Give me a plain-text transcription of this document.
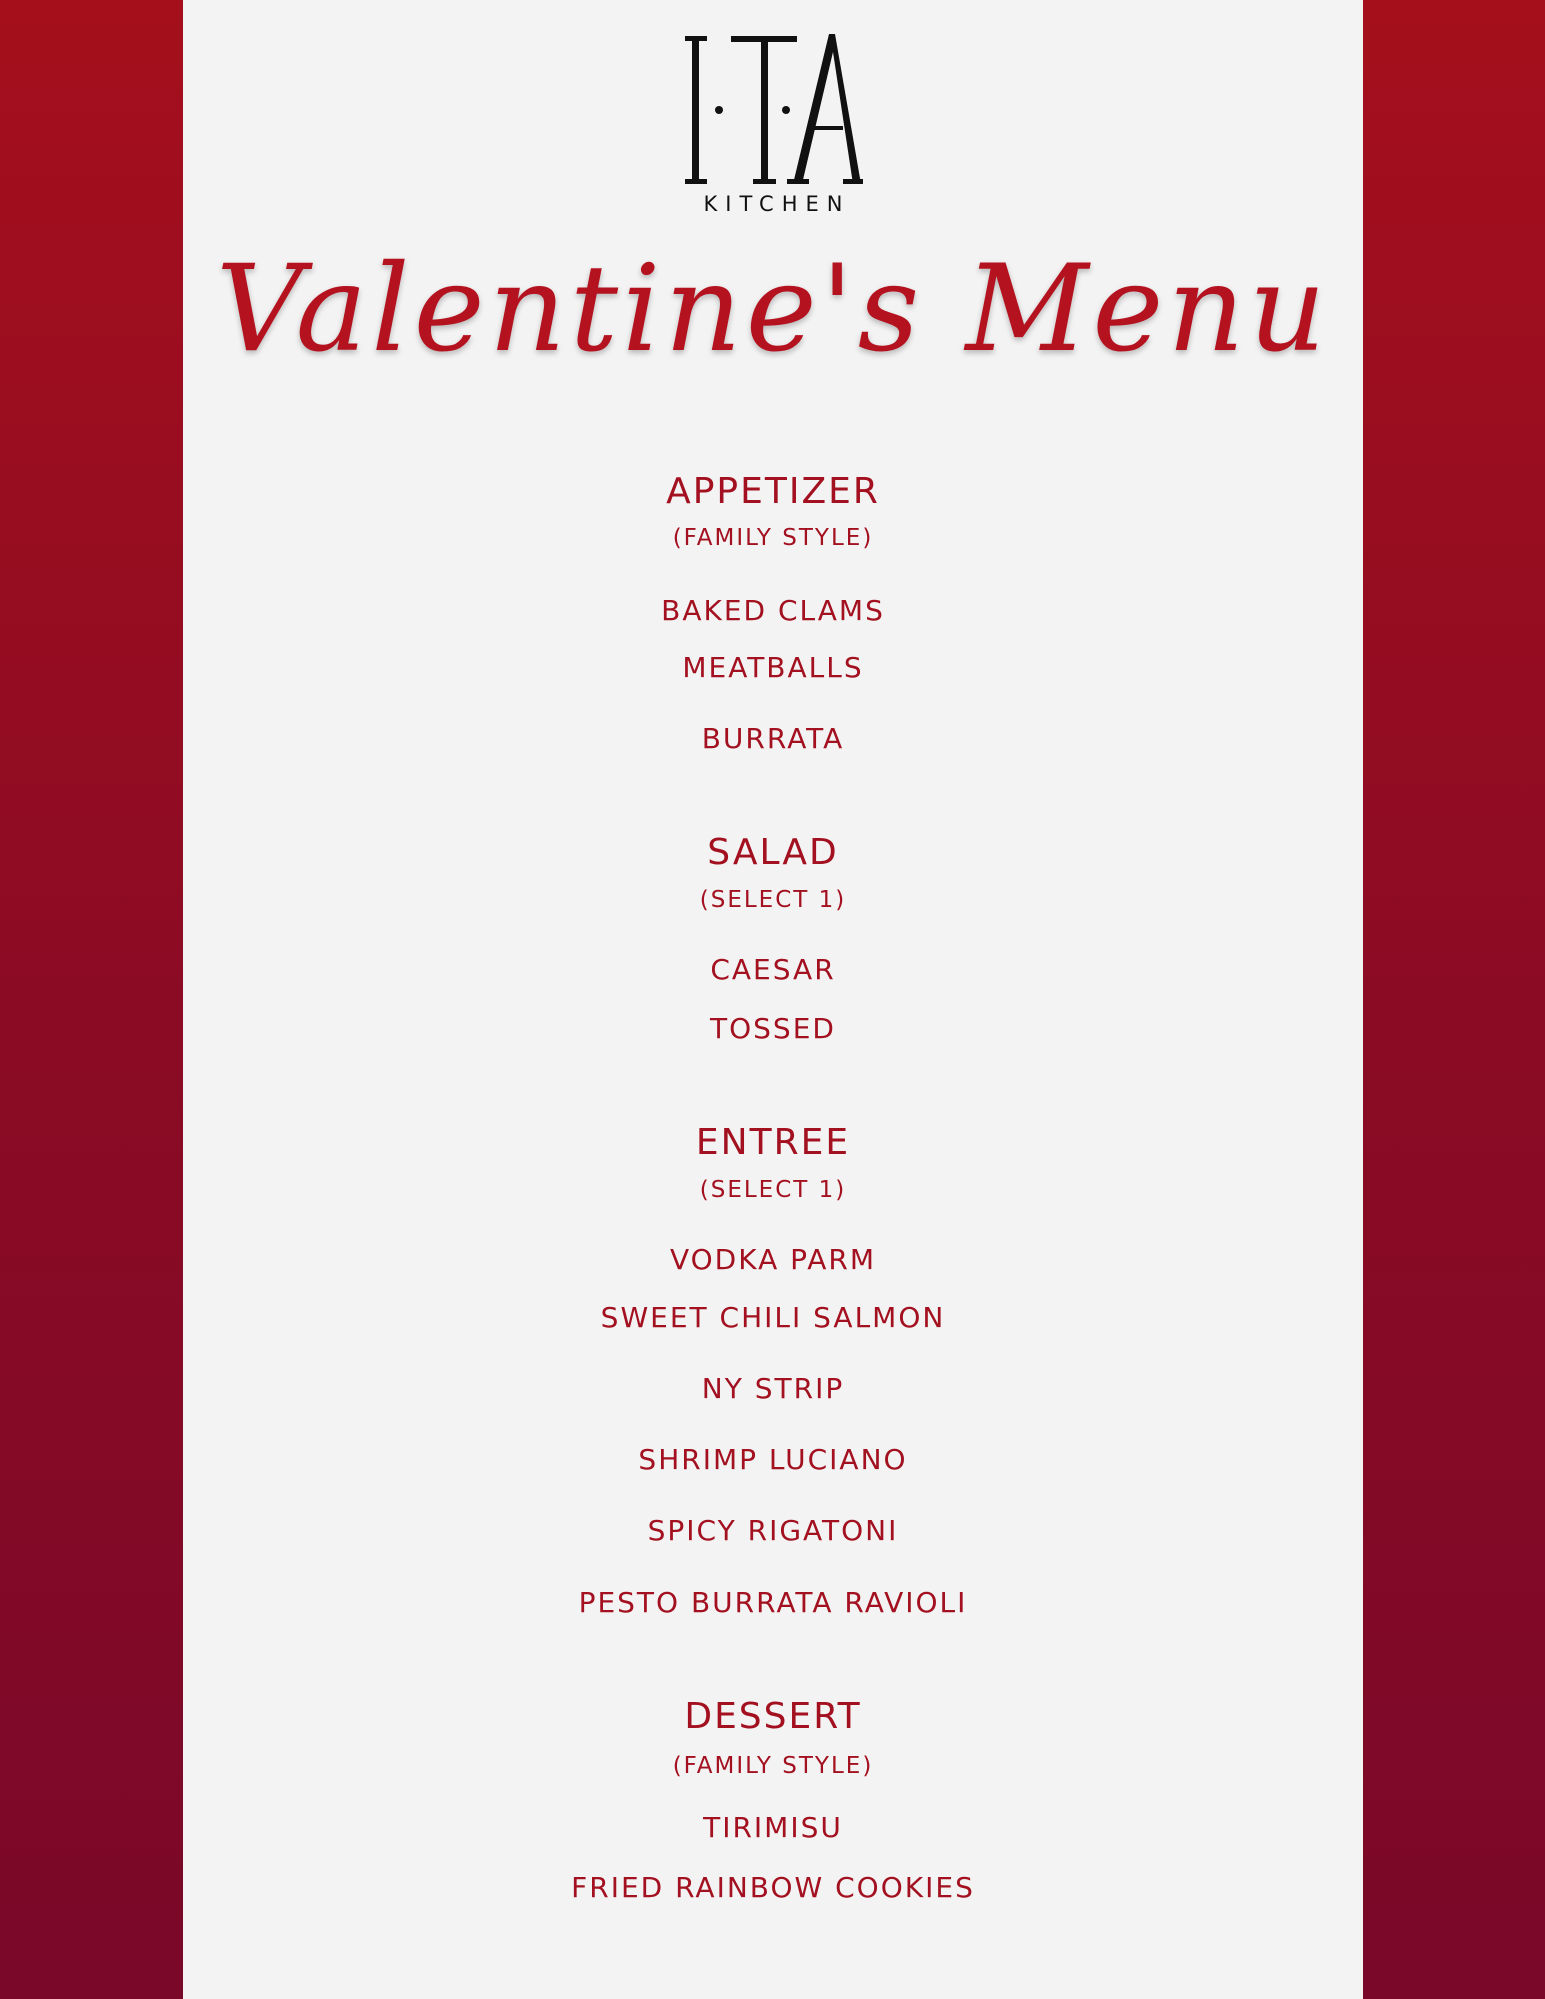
KITCHEN
Valentine's Menu
APPETIZER
(FAMILY STYLE)
BAKED CLAMS
MEATBALLS
BURRATA
SALAD
(SELECT 1)
CAESAR
TOSSED
ENTREE
(SELECT 1)
VODKA PARM
SWEET CHILI SALMON
NY STRIP
SHRIMP LUCIANO
SPICY RIGATONI
PESTO BURRATA RAVIOLI
DESSERT
(FAMILY STYLE)
TIRIMISU
FRIED RAINBOW COOKIES
